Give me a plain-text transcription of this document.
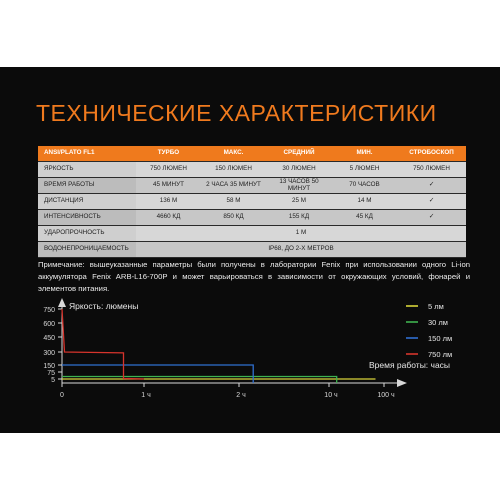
ТЕХНИЧЕСКИЕ ХАРАКТЕРИСТИКИ
ANSI/PLATO FL1	ТУРБО	МАКС.	СРЕДНИЙ	МИН.	СТРОБОСКОП
ЯРКОСТЬ	750 ЛЮМЕН	150 ЛЮМЕН	30 ЛЮМЕН	5 ЛЮМЕН	750 ЛЮМЕН
ВРЕМЯ РАБОТЫ	45 МИНУТ	2 ЧАСА 35 МИНУТ	13 ЧАСОВ 50 МИНУТ	70 ЧАСОВ	✓
ДИСТАНЦИЯ	136 М	58 М	25 М	14 М	✓
ИНТЕНСИВНОСТЬ	4660 КД	850 КД	155 КД	45 КД	✓
УДАРОПРОЧНОСТЬ	1 М				
ВОДОНЕПРОНИЦАЕМОСТЬ	IP68, ДО 2-Х МЕТРОВ				
Примечание: вышеуказанные параметры были получены в лаборатории Fenix при использовании одного Li-ion аккумулятора Fenix ARB-L16-700P и может варьироваться в зависимости от окружающих условий, фонарей и элементов питания.
Яркость: люмены
Время работы: часы
750
600
450
300
150
75
5
0	1 ч	2 ч	10 ч	100 ч
5 лм
30 лм
150 лм
750 лм
